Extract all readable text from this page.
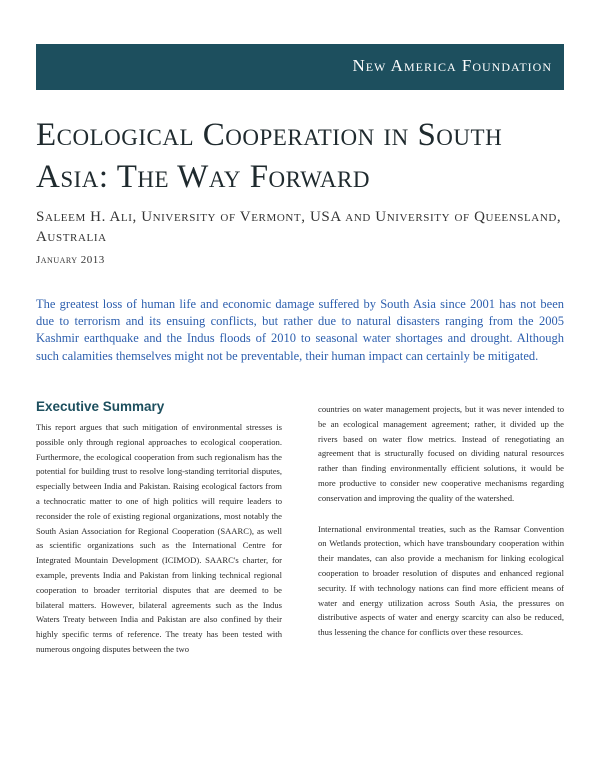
New America Foundation
Ecological Cooperation in South Asia: The Way Forward
Saleem H. Ali, University of Vermont, USA and University of Queensland, Australia
January 2013

The greatest loss of human life and economic damage suffered by South Asia since 2001 has not been due to terrorism and its ensuing conflicts, but rather due to natural disasters ranging from the 2005 Kashmir earthquake and the Indus floods of 2010 to seasonal water shortages and drought. Although such calamities themselves might not be preventable, their human impact can certainly be mitigated.

Executive Summary

This report argues that such mitigation of environmental stresses is possible only through regional approaches to ecological cooperation. Furthermore, the ecological cooperation from such regionalism has the potential for building trust to resolve long-standing territorial disputes, especially between India and Pakistan. Raising ecological factors from a technocratic matter to one of high politics will require leaders to reconsider the role of existing regional organizations, most notably the South Asian Association for Regional Cooperation (SAARC), as well as scientific organizations such as the International Centre for Integrated Mountain Development (ICIMOD). SAARC's charter, for example, prevents India and Pakistan from linking technical regional cooperation to broader territorial disputes that are deemed to be bilateral matters. However, bilateral agreements such as the Indus Waters Treaty between India and Pakistan are also confined by their highly specific terms of reference. The treaty has been tested with numerous ongoing disputes between the two

countries on water management projects, but it was never intended to be an ecological management agreement; rather, it divided up the rivers based on water flow metrics. Instead of renegotiating an agreement that is structurally focused on dividing natural resources rather than finding environmentally efficient solutions, it would be more productive to consider new cooperative mechanisms regarding conservation and improving the quality of the watershed.

International environmental treaties, such as the Ramsar Convention on Wetlands protection, which have transboundary cooperation within their mandates, can also provide a mechanism for linking ecological cooperation to broader resolution of disputes and enhanced regional security. If with technology nations can find more efficient means of water and energy utilization across South Asia, the pressures on distributive aspects of water and energy scarcity can also be reduced, thus lessening the chance for conflicts over these resources.
